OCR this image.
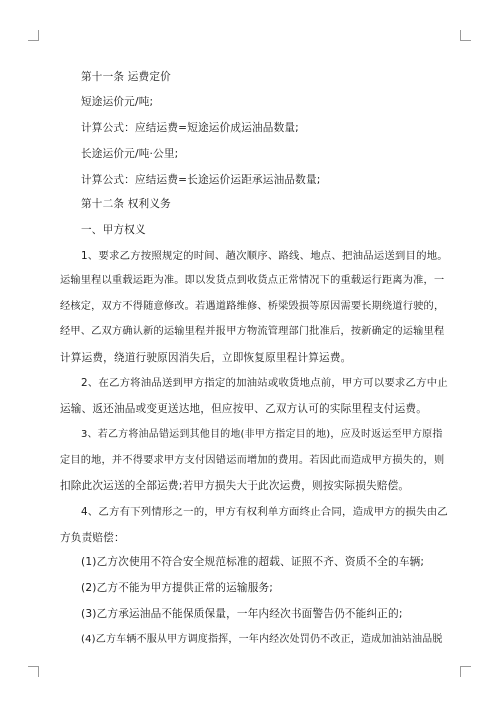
第十一条 运费定价
短途运价元/吨;
计算公式：应结运费=短途运价成运油品数量;
长途运价元/吨·公里;
计算公式：应结运费=长途运价运距承运油品数量;
第十二条 权利义务
一、甲方权义
1、要求乙方按照规定的时间、趟次顺序、路线、地点、把油品运送到目的地。
运输里程以重载运距为准。即以发货点到收货点正常情况下的重载运行距离为准，一
经核定，双方不得随意修改。若遇道路维修、桥梁毁损等原因需要长期绕道行驶的，
经甲、乙双方确认新的运输里程并报甲方物流管理部门批准后，按新确定的运输里程
计算运费，绕道行驶原因消失后，立即恢复原里程计算运费。
2、在乙方将油品送到甲方指定的加油站或收货地点前，甲方可以要求乙方中止
运输、返还油品或变更送达地，但应按甲、乙双方认可的实际里程支付运费。
3、若乙方将油品错运到其他目的地(非甲方指定目的地)，应及时返运至甲方原指
定目的地，并不得要求甲方支付因错运而增加的费用。若因此而造成甲方损失的，则
扣除此次运送的全部运费;若甲方损失大于此次运费，则按实际损失赔偿。
4、乙方有下列情形之一的，甲方有权利单方面终止合同，造成甲方的损失由乙
方负责赔偿：
(1)乙方次使用不符合安全规范标准的超载、证照不齐、资质不全的车辆;
(2)乙方不能为甲方提供正常的运输服务;
(3)乙方承运油品不能保质保量，一年内经次书面警告仍不能纠正的;
(4)乙方车辆不服从甲方调度指挥，一年内经次处罚仍不改正，造成加油站油品脱
